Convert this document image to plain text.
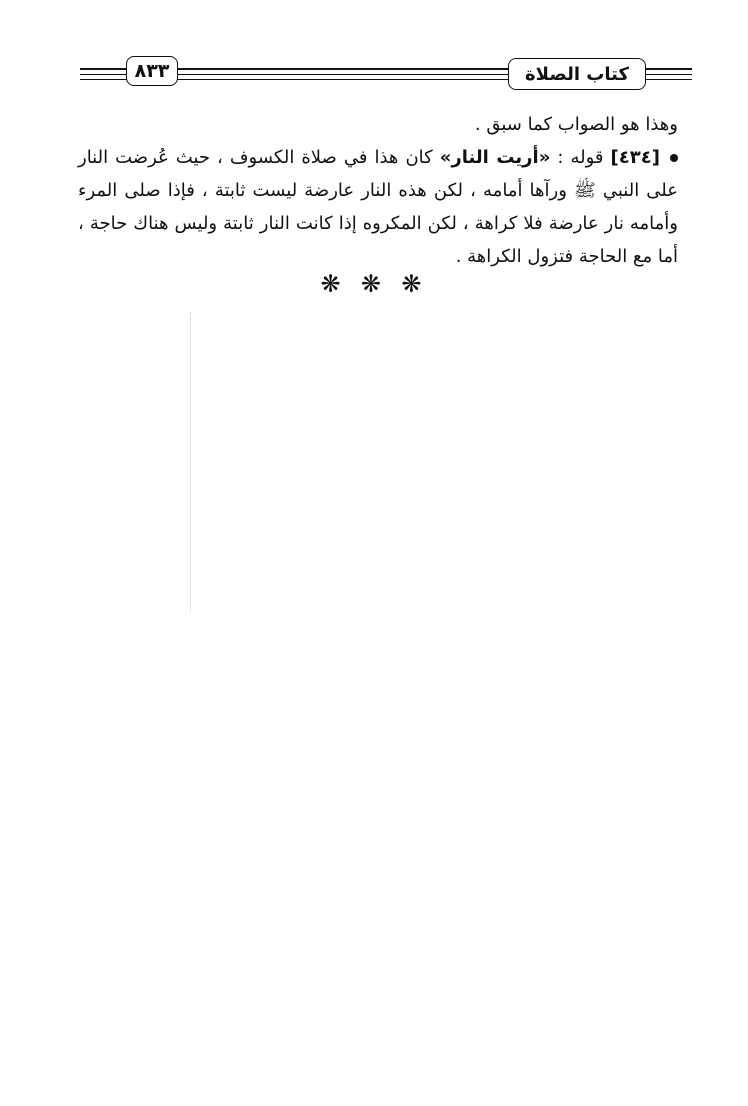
٨٣٣	كتاب الصلاة

وهذا هو الصواب كما سبق .

[٤٣٤] قوله : «أريت النار» كان هذا في صلاة الكسوف ، حيث عُرضت النار على النبي ﷺ ورآها أمامه ، لكن هذه النار عارضة ليست ثابتة ، فإذا صلى المرء وأمامه نار عارضة فلا كراهة ، لكن المكروه إذا كانت النار ثابتة وليس هناك حاجة ، أما مع الحاجة فتزول الكراهة .

❋ ❋ ❋
